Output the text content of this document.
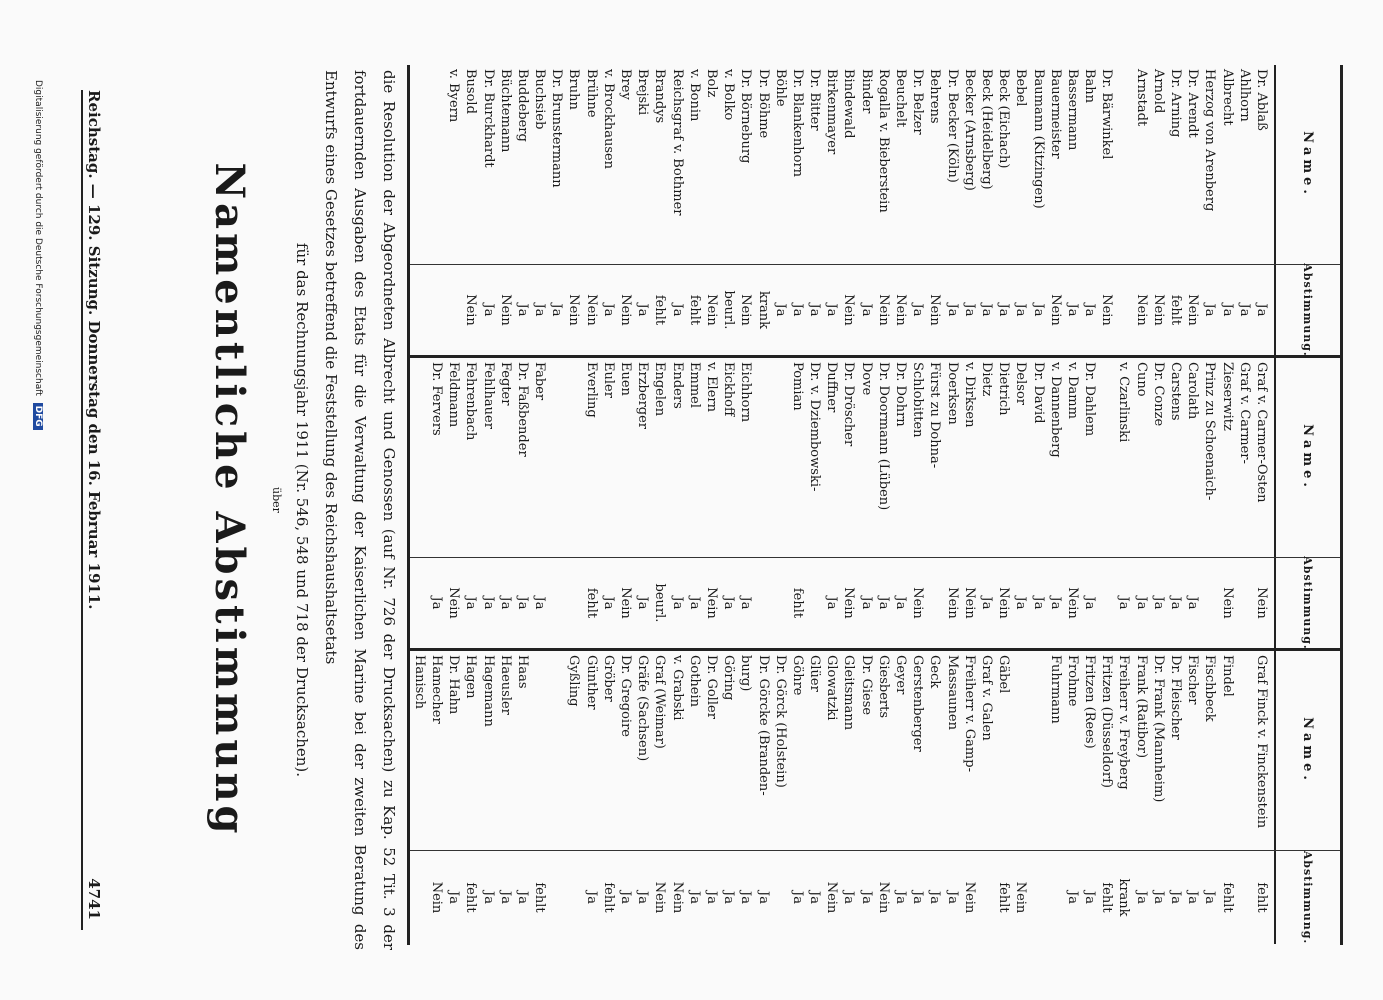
Reichstag. — 129. Sitzung. Donnerstag den 16. Februar 1911.
4741
Namentliche Abstimmung über	die Resolution der Abgeordneten Albrecht und Genossen (auf Nr. 726 der Drucksachen) zu Kap. 52 Tit. 3 der fortdauernden Ausgaben des Etats für die Verwaltung der Kaiserlichen Marine bei der zweiten Beratung des Entwurfs eines Gesetzes betreffend die Feststellung des Reichshaushaltsetats
für das Rechnungsjahr 1911 (Nr. 546, 548 und 718 der Drucksachen).
Name.
Dr. Ablaß
Ahlhorn
Albrecht
Herzog von Arenberg
Dr. Arendt
Dr. Arning
Arnold
Arnstadt
Dr. Bärwinkel
Bahn
Bassermann
Bauermeister
Baumann (Kitzingen)
Bebel
Beck (Eichach)
Beck (Heidelberg)
Becker (Arnsberg)
Dr. Becker (Köln)
Behrens
Dr. Belzer
Beuchelt
Rogalla v. Bieberstein
Binder
Bindewald
Birkenmayer
Dr. Bitter
Dr. Blankenhorn
Böhle
Dr. Böhme
Dr. Börneburg
v. Bolko
Bolz
v. Bonin
Reichsgraf v. Bothmer
Brandys
Brejski
Brey
v. Brockhausen
Brühne
Bruhn
Dr. Brunstermann
Buchsieb
Buddeberg
Büchtemann
Dr. Burckhardt
Busold
v. Byern
Abstimmung.
Ja
Ja
Ja
Ja
Nein
fehlt
Nein
Nein
Nein
Ja
Ja
Nein
Ja
Ja
Ja
Ja
Ja
Ja
Nein
Ja
Nein
Nein
Ja
Nein
Ja
Ja
Ja
Ja
krank
Nein
beurl.
Nein
fehlt
Ja
fehlt
Ja
Nein
Ja
Nein
Nein
Ja
Ja
Ja
Nein
Ja
Nein
Name.
Graf v. Carmer-Osten
Graf v. Carmer-
Zieserwitz
Prinz zu Schoenaich-
Carolath
Carstens
Dr. Conze
Cuno
v. Czarlinski
Dr. Dahlem
v. Damm
v. Dannenberg
Dr. David
Delsor
Dietrich
Dietz
v. Dirksen
Doerksen
Fürst zu Dohna-
Schlobitten
Dr. Dohrn
Dr. Doormann (Lüben)
Dove
Dr. Dröscher
Duffner
Dr. v. Dziembowski-
Pomian
Eichhorn
Eickhoff
v. Elern
Emmel
Enders
Engelen
Erzberger
Euen
Euler
Everling
Faber
Dr. Faßbender
Fegter
Fehlhauer
Fehrenbach
Feldmann
Dr. Fervers
Abstimmung.
Nein
Nein
Ja
Ja
Ja
Ja
Ja
Ja
Nein
Ja
Ja
Ja
Nein
Ja
Nein
Nein
Nein
Ja
Ja
Ja
Nein
Ja
fehlt
Ja
Ja
Nein
Ja
Ja
beurl.
Ja
Nein
Ja
fehlt
Ja
Ja
Ja
Ja
Ja
Nein
Ja
Name.
Graf Finck v. Finckenstein
Findel
Fischbeck
Fischer
Dr. Fleischer
Dr. Frank (Mannheim)
Frank (Ratibor)
Freiherr v. Freyberg
Fritzen (Düsseldorf)
Fritzen (Rees)
Frohme
Fuhrmann
Gäbel
Graf v. Galen
Freiherr v. Gamp-
Massaunen
Geck
Gerstenberger
Geyer
Giesberts
Dr. Giese
Gleitsmann
Glowatzki
Glüer
Göhre
Dr. Görck (Holstein)
Dr. Görcke (Branden-
burg)
Göring
Dr. Goller
Gothein
v. Grabski
Graf (Weimar)
Gräfe (Sachsen)
Dr. Gregoire
Gröber
Günther
Gyßling
Haas
Haeusler
Hagemann
Hagen
Dr. Hahn
Hamecher
Hanisch
Abstimmung.
fehlt
fehlt
Ja
Ja
Ja
Ja
Ja
krank
fehlt
Ja
Ja
Nein
fehlt
Nein
Ja
Ja
Ja
Ja
Nein
Ja
Ja
Nein
Ja
Ja
Ja
Ja
Ja
Ja
Ja
Nein
Nein
Ja
Ja
fehlt
Ja
fehlt
Ja
Ja
Ja
fehlt
Ja
Nein
Digitalisierung gefördert durch die Deutsche Forschungsgemeinschaft DFG
